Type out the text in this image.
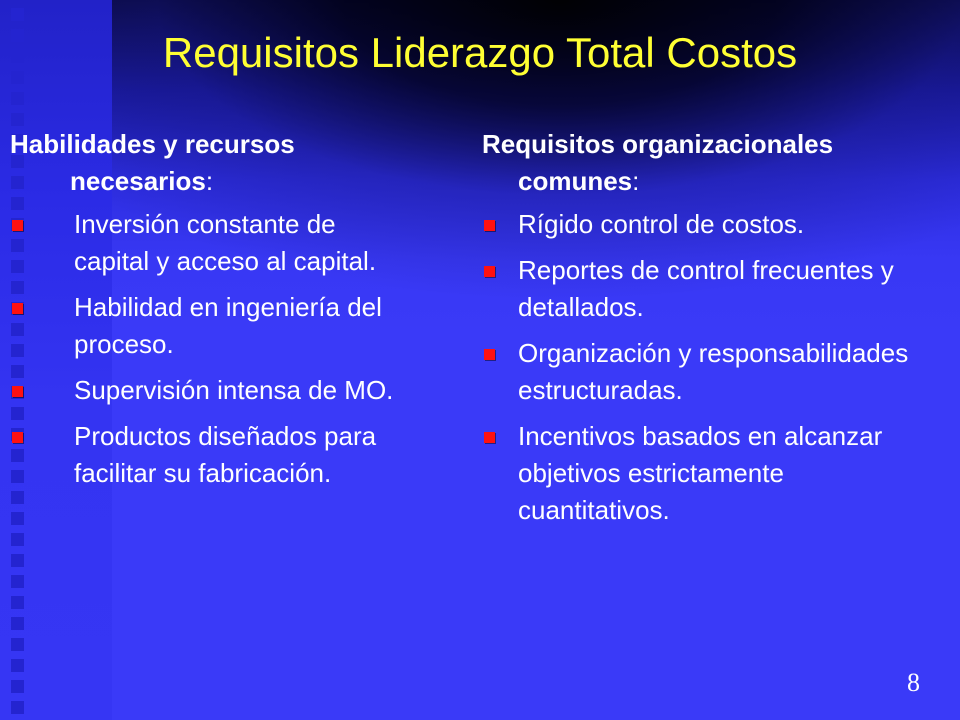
Requisitos Liderazgo Total Costos

Habilidades y recursos necesarios:

Inversión constante de capital y acceso al capital.
Habilidad en ingeniería del proceso.
Supervisión intensa de MO.
Productos diseñados para facilitar su fabricación.

Requisitos organizacionales comunes:

Rígido control de costos.
Reportes de control frecuentes y detallados.
Organización y responsabilidades estructuradas.
Incentivos basados en alcanzar objetivos estrictamente cuantitativos.
8
